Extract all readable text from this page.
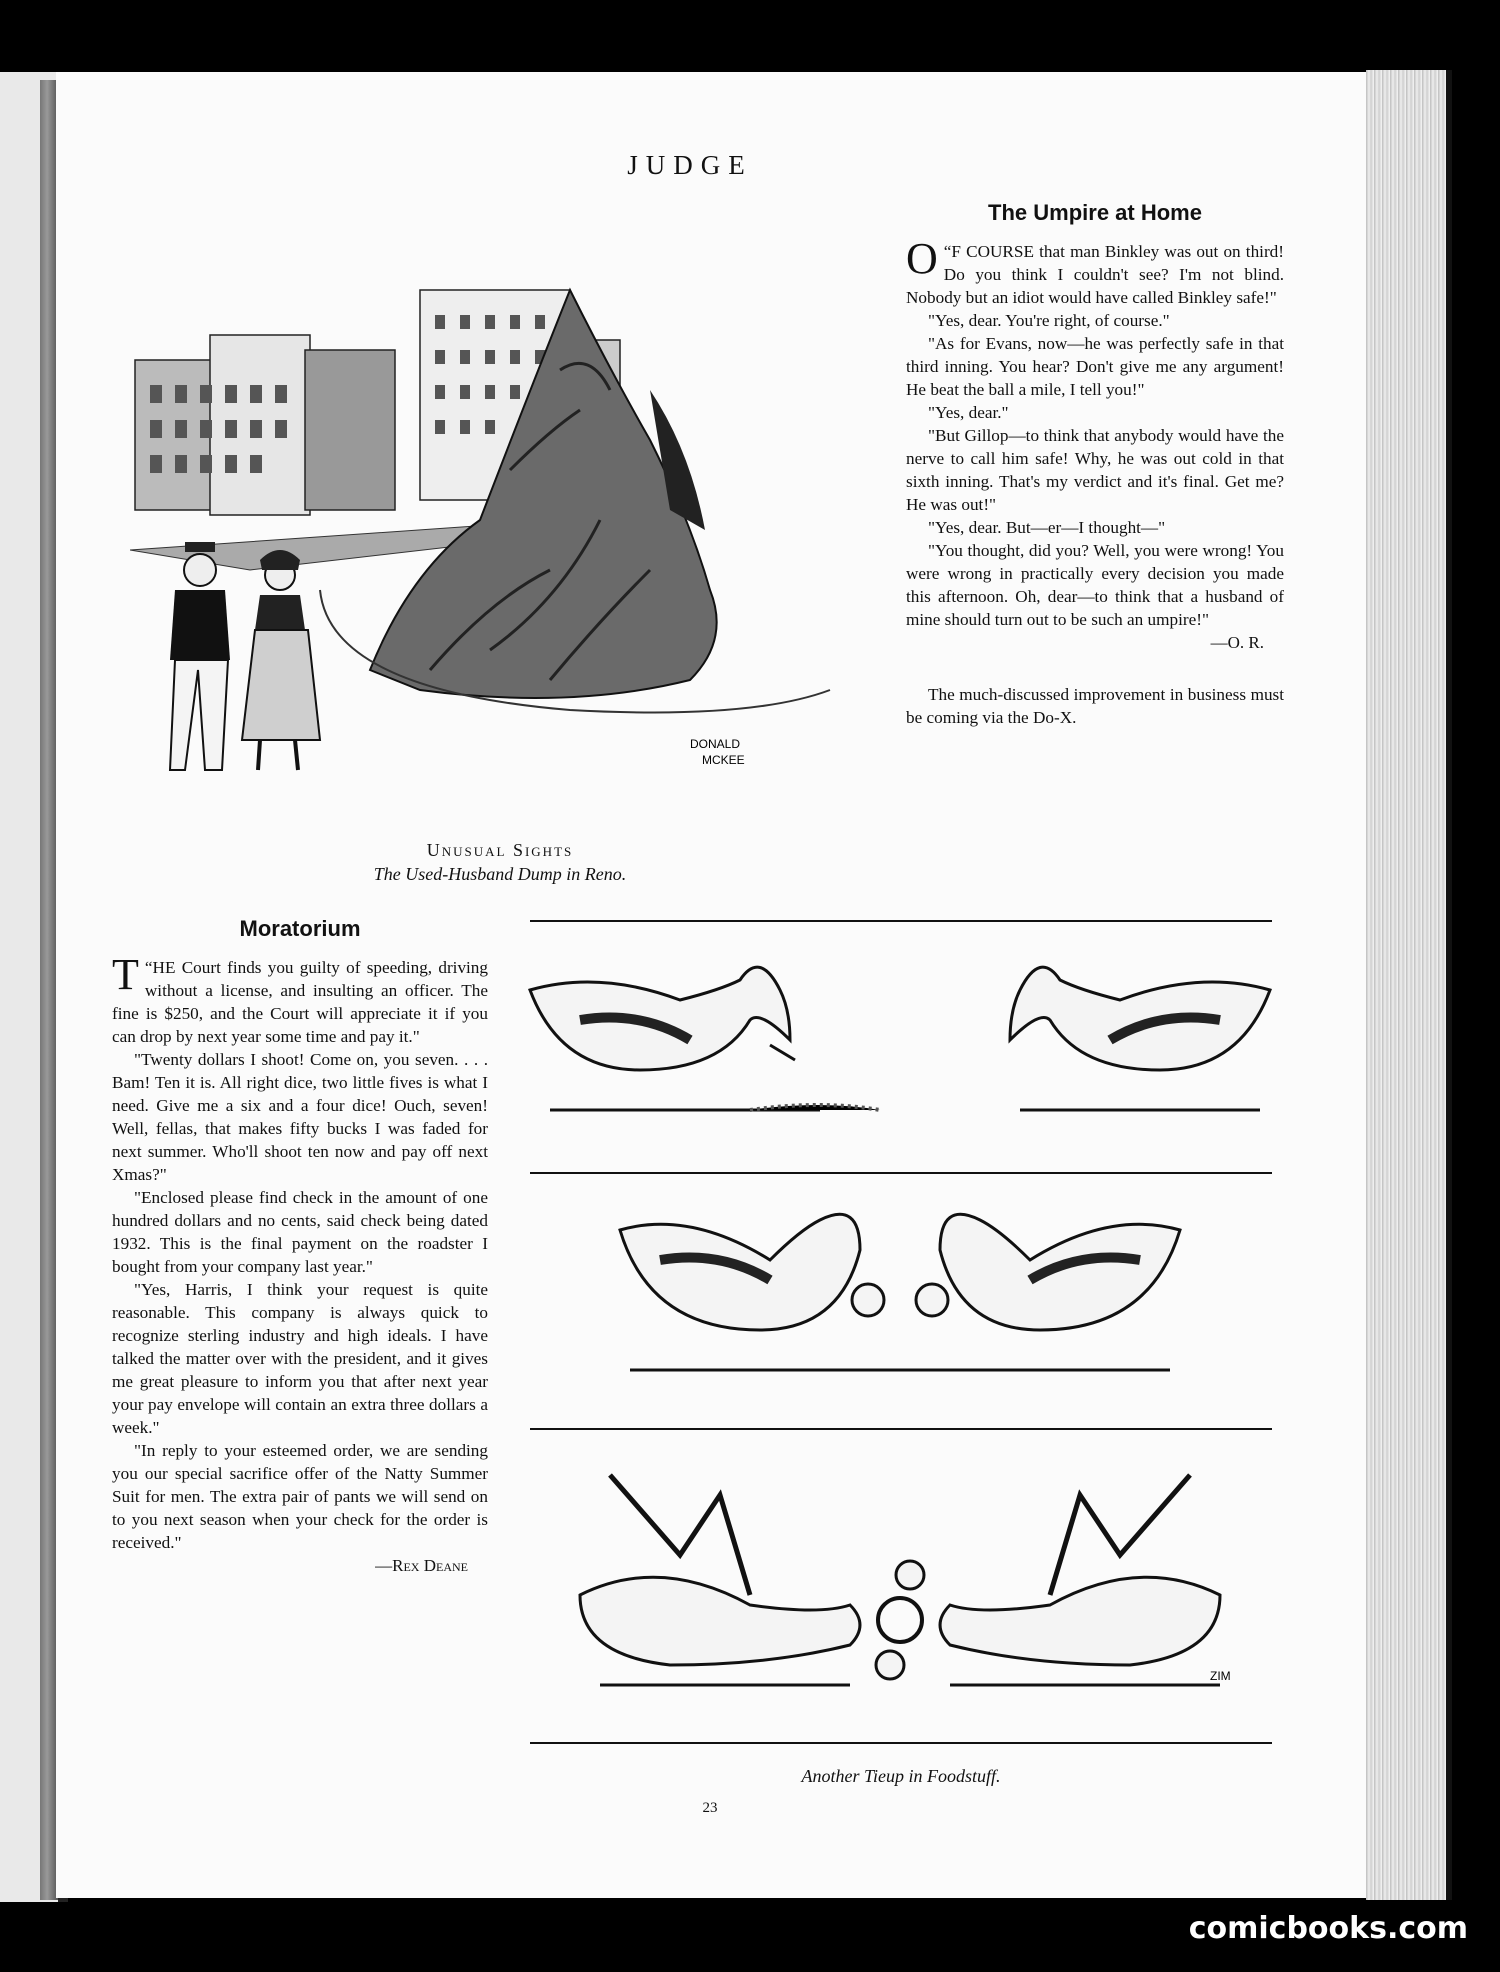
JUDGE
The Umpire at Home

“
O F COURSE that man Binkley was out on third! Do you think I couldn't see? I'm not blind. Nobody but an idiot would have called Binkley safe!"

"Yes, dear. You're right, of course."

"As for Evans, now—he was perfectly safe in that third inning. You hear? Don't give me any argument! He beat the ball a mile, I tell you!"

"Yes, dear."

"But Gillop—to think that anybody would have the nerve to call him safe! Why, he was out cold in that sixth inning. That's my verdict and it's final. Get me? He was out!"

"Yes, dear. But—er—I thought—"

"You thought, did you? Well, you were wrong! You were wrong in practically every decision you made this afternoon. Oh, dear—to think that a husband of mine should turn out to be such an umpire!"

—O. R.
The much-discussed improvement in business must be coming via the Do-X.
DONALD
MCKEE
Unusual Sights
The Used-Husband Dump in Reno.
Moratorium

“
T HE Court finds you guilty of speeding, driving without a license, and insulting an officer. The fine is $250, and the Court will appreciate it if you can drop by next year some time and pay it."

"Twenty dollars I shoot! Come on, you seven. . . . Bam! Ten it is. All right dice, two little fives is what I need. Give me a six and a four dice! Ouch, seven! Well, fellas, that makes fifty bucks I was faded for next summer. Who'll shoot ten now and pay off next Xmas?"

"Enclosed please find check in the amount of one hundred dollars and no cents, said check being dated 1932. This is the final payment on the roadster I bought from your company last year."

"Yes, Harris, I think your request is quite reasonable. This company is always quick to recognize sterling industry and high ideals. I have talked the matter over with the president, and it gives me great pleasure to inform you that after next year your pay envelope will contain an extra three dollars a week."

"In reply to your esteemed order, we are sending you our special sacrifice offer of the Natty Summer Suit for men. The extra pair of pants we will send on to you next season when your check for the order is received."

—Rex Deane
ZIM
Another Tieup in Foodstuff.
23
comicbooks.com
